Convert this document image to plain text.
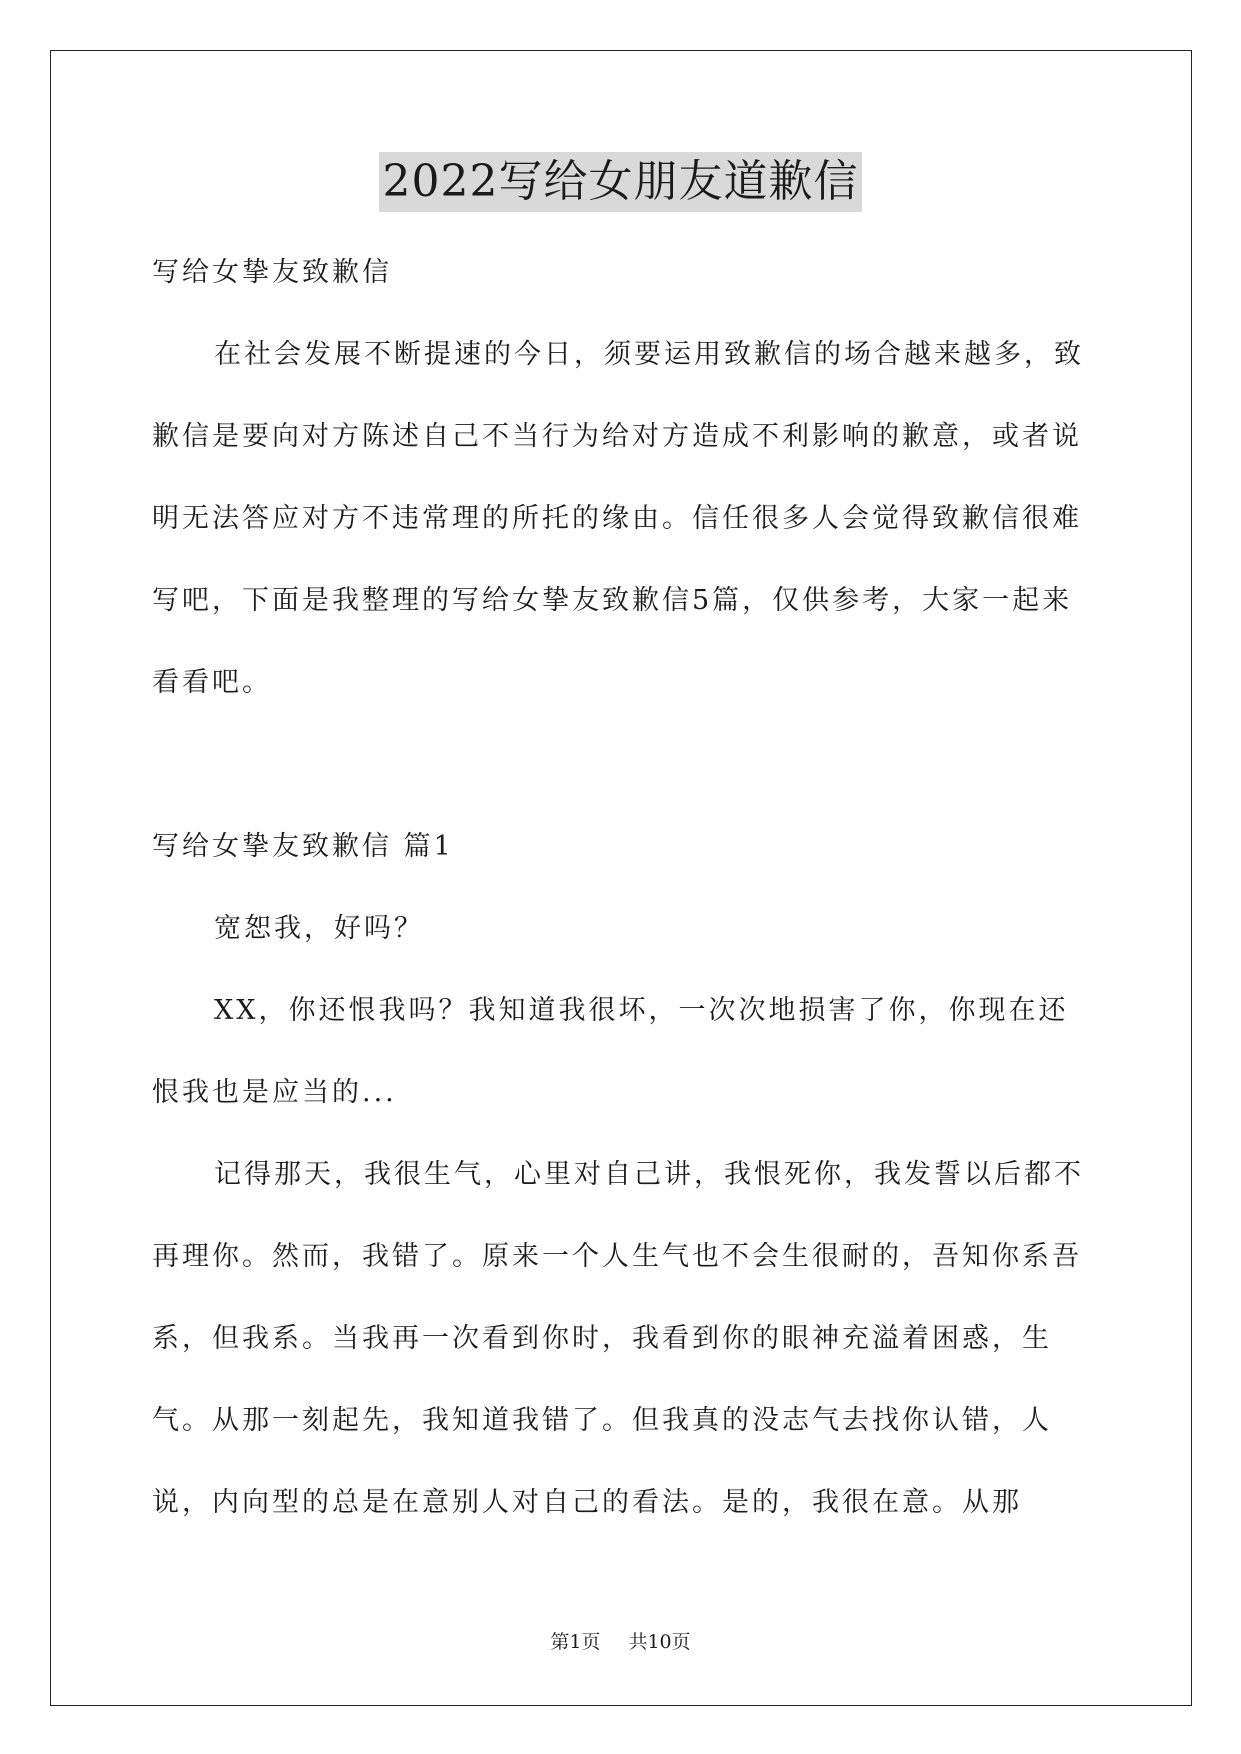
2022写给女朋友道歉信

写给女挚友致歉信

在社会发展不断提速的今日，须要运用致歉信的场合越来越多，致歉信是要向对方陈述自己不当行为给对方造成不利影响的歉意，或者说明无法答应对方不违常理的所托的缘由。信任很多人会觉得致歉信很难写吧，下面是我整理的写给女挚友致歉信5篇，仅供参考，大家一起来看看吧。

写给女挚友致歉信 篇1

宽恕我，好吗？

XX，你还恨我吗？我知道我很坏，一次次地损害了你，你现在还恨我也是应当的...

记得那天，我很生气，心里对自己讲，我恨死你，我发誓以后都不再理你。然而，我错了。原来一个人生气也不会生很耐的，吾知你系吾系，但我系。当我再一次看到你时，我看到你的眼神充溢着困惑，生气。从那一刻起先，我知道我错了。但我真的没志气去找你认错，人说，内向型的总是在意别人对自己的看法。是的，我很在意。从那

第1页 共10页
